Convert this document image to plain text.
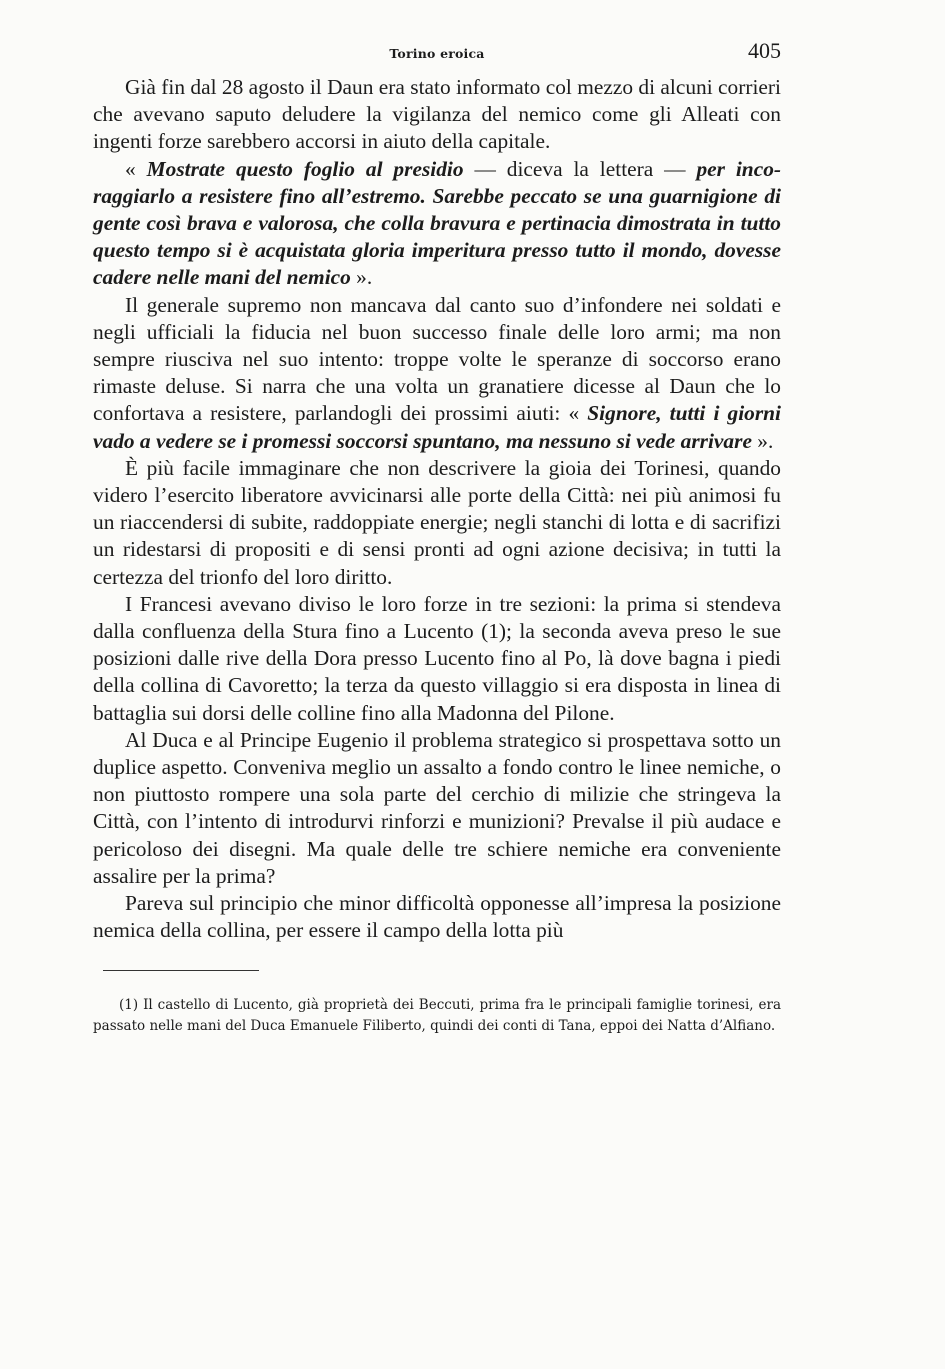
Torino eroica	405

Già fin dal 28 agosto il Daun era stato informato col mezzo di alcuni corrieri che avevano saputo deludere la vigilanza del nemico come gli Alleati con ingenti forze sarebbero accorsi in aiuto della capitale.

« Mostrate questo foglio al presidio — diceva la lettera — per incoraggiarlo a resistere fino all’estremo. Sarebbe peccato se una guarnigione di gente così brava e valorosa, che colla bravura e pertinacia dimostrata in tutto questo tempo si è acquistata gloria imperitura presso tutto il mondo, dovesse cadere nelle mani del nemico ».

Il generale supremo non mancava dal canto suo d’infondere nei soldati e negli ufficiali la fiducia nel buon successo finale delle loro armi; ma non sempre riusciva nel suo intento: troppe volte le speranze di soccorso erano rimaste deluse. Si narra che una volta un granatiere dicesse al Daun che lo confortava a resistere, parlandogli dei prossimi aiuti: « Signore, tutti i giorni vado a vedere se i promessi soccorsi spuntano, ma nessuno si vede arrivare ».

È più facile immaginare che non descrivere la gioia dei Torinesi, quando videro l’esercito liberatore avvicinarsi alle porte della Città: nei più animosi fu un riaccendersi di subite, raddoppiate energie; negli stanchi di lotta e di sacrifizi un ridestarsi di propositi e di sensi pronti ad ogni azione decisiva; in tutti la certezza del trionfo del loro diritto.

I Francesi avevano diviso le loro forze in tre sezioni: la prima si stendeva dalla confluenza della Stura fino a Lucento (1); la seconda aveva preso le sue posizioni dalle rive della Dora presso Lucento fino al Po, là dove bagna i piedi della collina di Cavoretto; la terza da questo villaggio si era disposta in linea di battaglia sui dorsi delle colline fino alla Madonna del Pilone.

Al Duca e al Principe Eugenio il problema strategico si prospettava sotto un duplice aspetto. Conveniva meglio un assalto a fondo contro le linee nemiche, o non piuttosto rompere una sola parte del cerchio di milizie che stringeva la Città, con l’intento di introdurvi rinforzi e munizioni? Prevalse il più audace e pericoloso dei disegni. Ma quale delle tre schiere nemiche era conveniente assalire per la prima?

Pareva sul principio che minor difficoltà opponesse all’impresa la posizione nemica della collina, per essere il campo della lotta più

(1) Il castello di Lucento, già proprietà dei Beccuti, prima fra le principali famiglie torinesi, era passato nelle mani del Duca Emanuele Filiberto, quindi dei conti di Tana, eppoi dei Natta d’Alfiano.
